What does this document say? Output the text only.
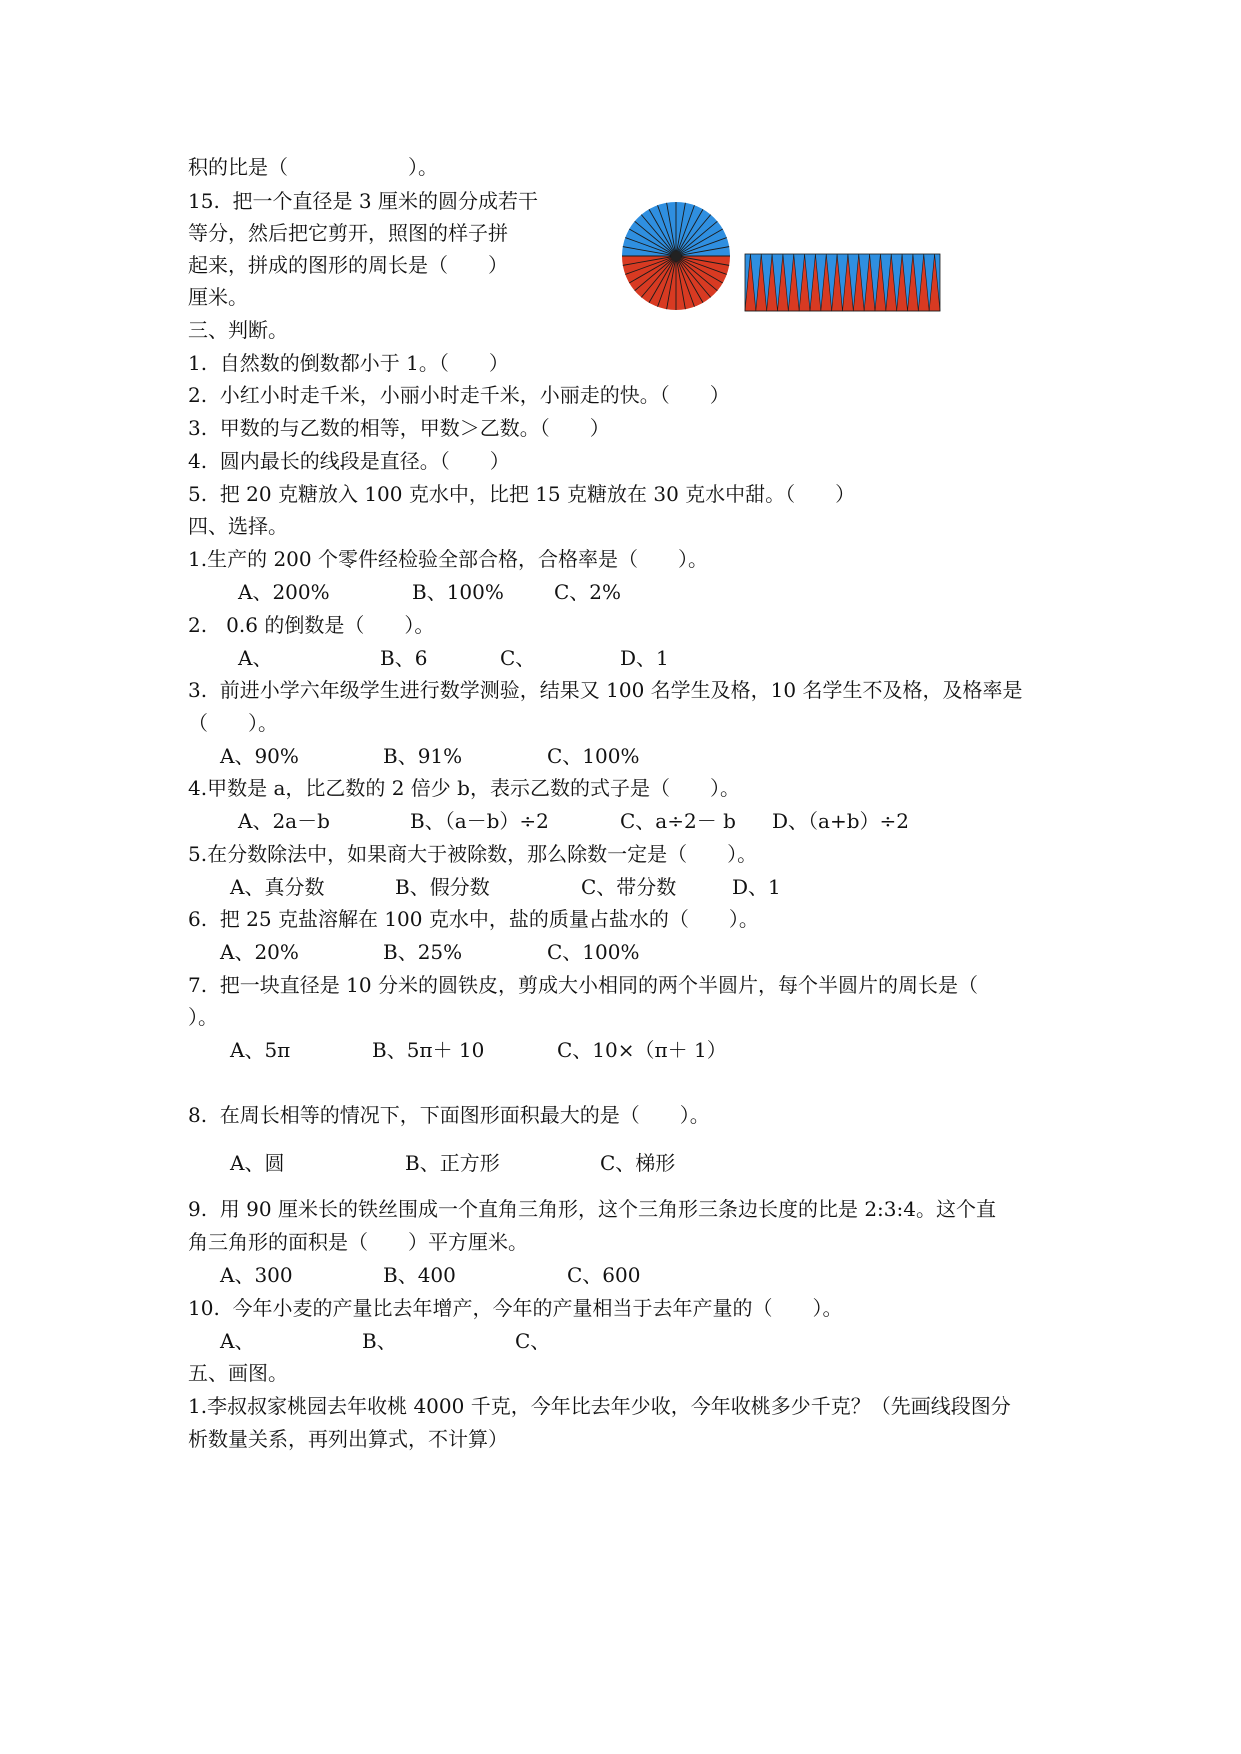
积的比是（　　　　　　）。
15.  把一个直径是 3 厘米的圆分成若干
等分，然后把它剪开，照图的样子拼
起来，拼成的图形的周长是（　　）
厘米。
三、判断。
1.  自然数的倒数都小于 1。（　　）
2.  小红小时走千米，小丽小时走千米，小丽走的快。（　　）
3.  甲数的与乙数的相等，甲数＞乙数。（　　）
4.  圆内最长的线段是直径。（　　）
5.  把 20 克糖放入 100 克水中，比把 15 克糖放在 30 克水中甜。（　　）
四、选择。
1.生产的 200 个零件经检验全部合格，合格率是（　　）。
A、200%	B、100%	C、2%
2.   0.6 的倒数是（　　）。
A、	B、6	C、	D、1
3.  前进小学六年级学生进行数学测验，结果又 100 名学生及格，10 名学生不及格，及格率是
（　　）。
A、90%	B、91%	C、100%
4.甲数是 a，比乙数的 2 倍少 b，表示乙数的式子是（　　）。
A、2a－b	B、（a－b）÷2	C、a÷2－ b D、（a+b）÷2
5.在分数除法中，如果商大于被除数，那么除数一定是（　　）。
A、真分数	B、假分数	C、带分数	D、1
6.  把 25 克盐溶解在 100 克水中，盐的质量占盐水的（　　）。
A、20%	B、25%	C、100%
7.  把一块直径是 10 分米的圆铁皮，剪成大小相同的两个半圆片，每个半圆片的周长是（
）。
A、5π	B、5π＋ 10	C、10×（π＋ 1）
8.  在周长相等的情况下，下面图形面积最大的是（　　）。
A、圆	B、正方形	C、梯形
9.  用 90 厘米长的铁丝围成一个直角三角形，这个三角形三条边长度的比是 2:3:4。这个直
角三角形的面积是（　　）平方厘米。
A、300	B、400	C、600
10.  今年小麦的产量比去年增产，今年的产量相当于去年产量的（　　）。
A、	B、	C、
五、画图。
1.李叔叔家桃园去年收桃 4000 千克，今年比去年少收，今年收桃多少千克？（先画线段图分
析数量关系，再列出算式，不计算）
